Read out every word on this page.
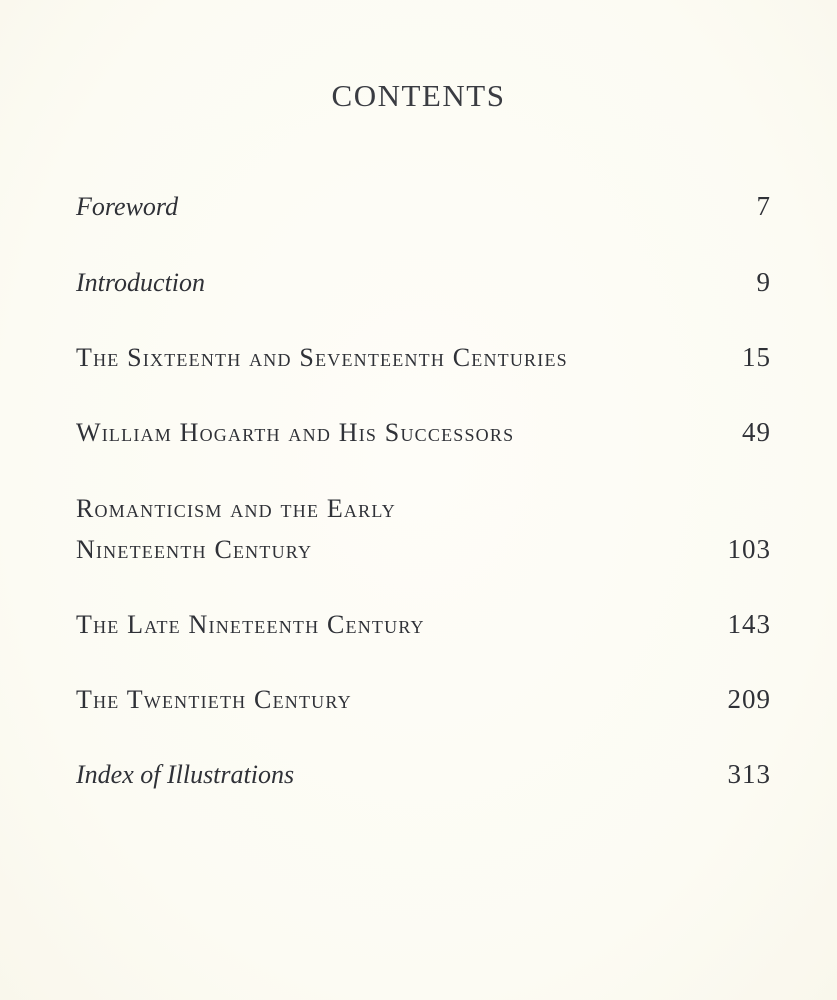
CONTENTS
Foreword	7
Introduction	9
The Sixteenth and Seventeenth Centuries	15
William Hogarth and His Successors	49
Romanticism and the Early Nineteenth Century	103
The Late Nineteenth Century	143
The Twentieth Century	209
Index of Illustrations	313
